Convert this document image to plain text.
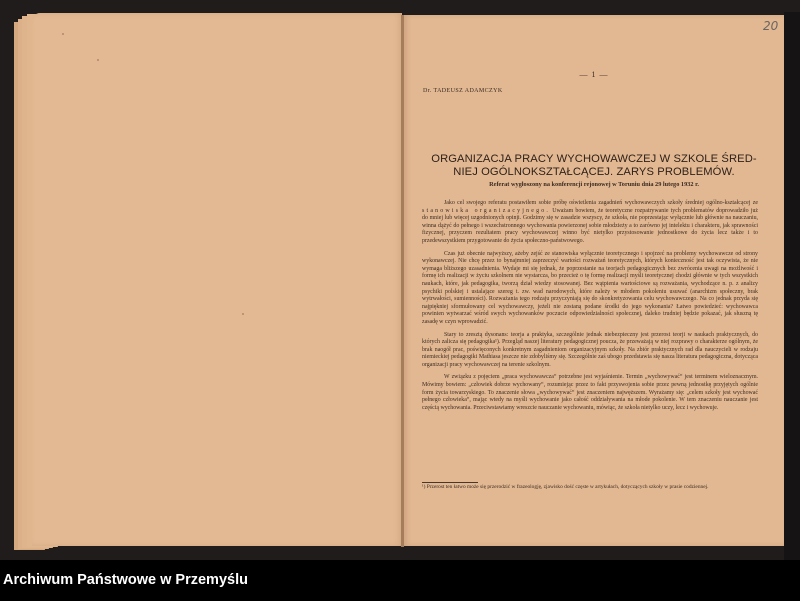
— 1 —
Dr. TADEUSZ ADAMCZYK
ORGANIZACJA PRACY WYCHOWAWCZEJ W SZKOLE ŚRED-
NIEJ OGÓLNOKSZTAŁCĄCEJ. ZARYS PROBLEMÓW.
Referat wygłoszony na konferencji rejonowej w Toruniu dnia 29 lutego 1932 r.

Jako cel swojego referatu postawiłem sobie próbę oświetlenia zagadnień wychowawczych szkoły średniej ogólno-kształcącej ze stanowiska organizacyjnego. Uważam bowiem, że teoretyczne rozpatrywanie tych problematów doprowadziło już do mniej lub więcej uzgodnionych opinji. Godzimy się w zasadzie wszyscy, że szkoła, nie poprzestając wyłącznie lub głównie na nauczaniu, winna dążyć do pełnego i wszechstronnego wychowania powierzonej sobie młodzieży a to zarówno jej intelektu i charakteru, jak sprawności fizycznej, przyczem rezultatem pracy wychowawczej winno być nietylko przystosowanie jednostkowe do życia lecz także i to przedewszystkiem przygotowanie do życia społeczno-państwowego.

Czas już obecnie najwyższy, ażeby zejść ze stanowiska wyłącznie teoretycznego i spojrzeć na problemy wychowawcze od strony wykonawczej. Nie chcę przez to bynajmniej zaprzeczyć wartości rozważań teoretycznych, których konieczność jest tak oczywista, że nie wymaga bliższego uzasadnienia. Wydaje mi się jednak, że poprzestanie na teorjach pedagogicznych bez zwrócenia uwagi na możliwość i formę ich realizacji w życiu szkolnem nie wystarcza, bo przecież o tę formę realizacji myśli teoretycznej chodzi głównie w tych wszystkich naukach, które, jak pedagogika, tworzą dział wiedzy stosowanej. Bez wątpienia wartościowe są rozważania, wychodzące n. p. z analizy psychiki polskiej i ustalające szereg t. zw. wad narodowych, które należy w młodem pokoleniu usuwać (anarchizm społeczny, brak wytrwałości, sumienności). Rozważania tego rodzaju przyczyniają się do skonkretyzowania celu wychowawczego. Na co jednak przyda się najpiękniej sformułowany cel wychowawczy, jeżeli nie zostaną podane środki do jego wykonania? Łatwo powiedzieć: wychowawca powinien wytwarzać wśród swych wychowanków poczucie odpowiedzialności społecznej, daleko trudniej będzie pokazać, jak słuszną tę zasadę w czyn wprowadzić.

Stary to zresztą dysonans: teorja a praktyka, szczególnie jednak niebezpieczny jest przerost teorji w naukach praktycznych, do których zalicza się pedagogika¹). Przegląd naszej literatury pedagogicznej poucza, że przeważają w niej rozprawy o charakterze ogólnym, że brak naogół prac, poświęconych konkretnym zagadnieniom organizacyjnym szkoły. Na zbiór praktycznych rad dla nauczycieli w rodzaju niemieckiej pedagogiki Mathiasa jeszcze nie zdobyliśmy się. Szczególnie zaś ubogo przedstawia się nasza literatura pedagogiczna, dotycząca organizacji pracy wychowawczej na terenie szkolnym.

W związku z pojęciem „praca wychowawcza“ potrzebne jest wyjaśnienie. Termin „wychowywać“ jest terminem wieloznacznym. Mówimy bowiem: „człowiek dobrze wychowany“, rozumiejąc przez to fakt przyswojenia sobie przez pewną jednostkę przyjętych ogólnie form życia towarzyskiego. To znaczenie słowa „wychowywać“ jest znaczeniem najwęższem. Wyrażamy się: „celem szkoły jest wychować pełnego człowieka“, mając wtedy na myśli wychowanie jako całość oddziaływania na młode pokolenie. W tem znaczeniu nauczanie jest częścią wychowania. Przeciwstawiamy wreszcie nauczanie wychowaniu, mówiąc, że szkoła nietylko uczy, lecz i wychowuje.

¹) Przerost ten łatwo może się przerodzić w frazeologję, zjawisko dość częste w artykułach, dotyczących szkoły w prasie codziennej.
20
Archiwum Państwowe w Przemyślu
